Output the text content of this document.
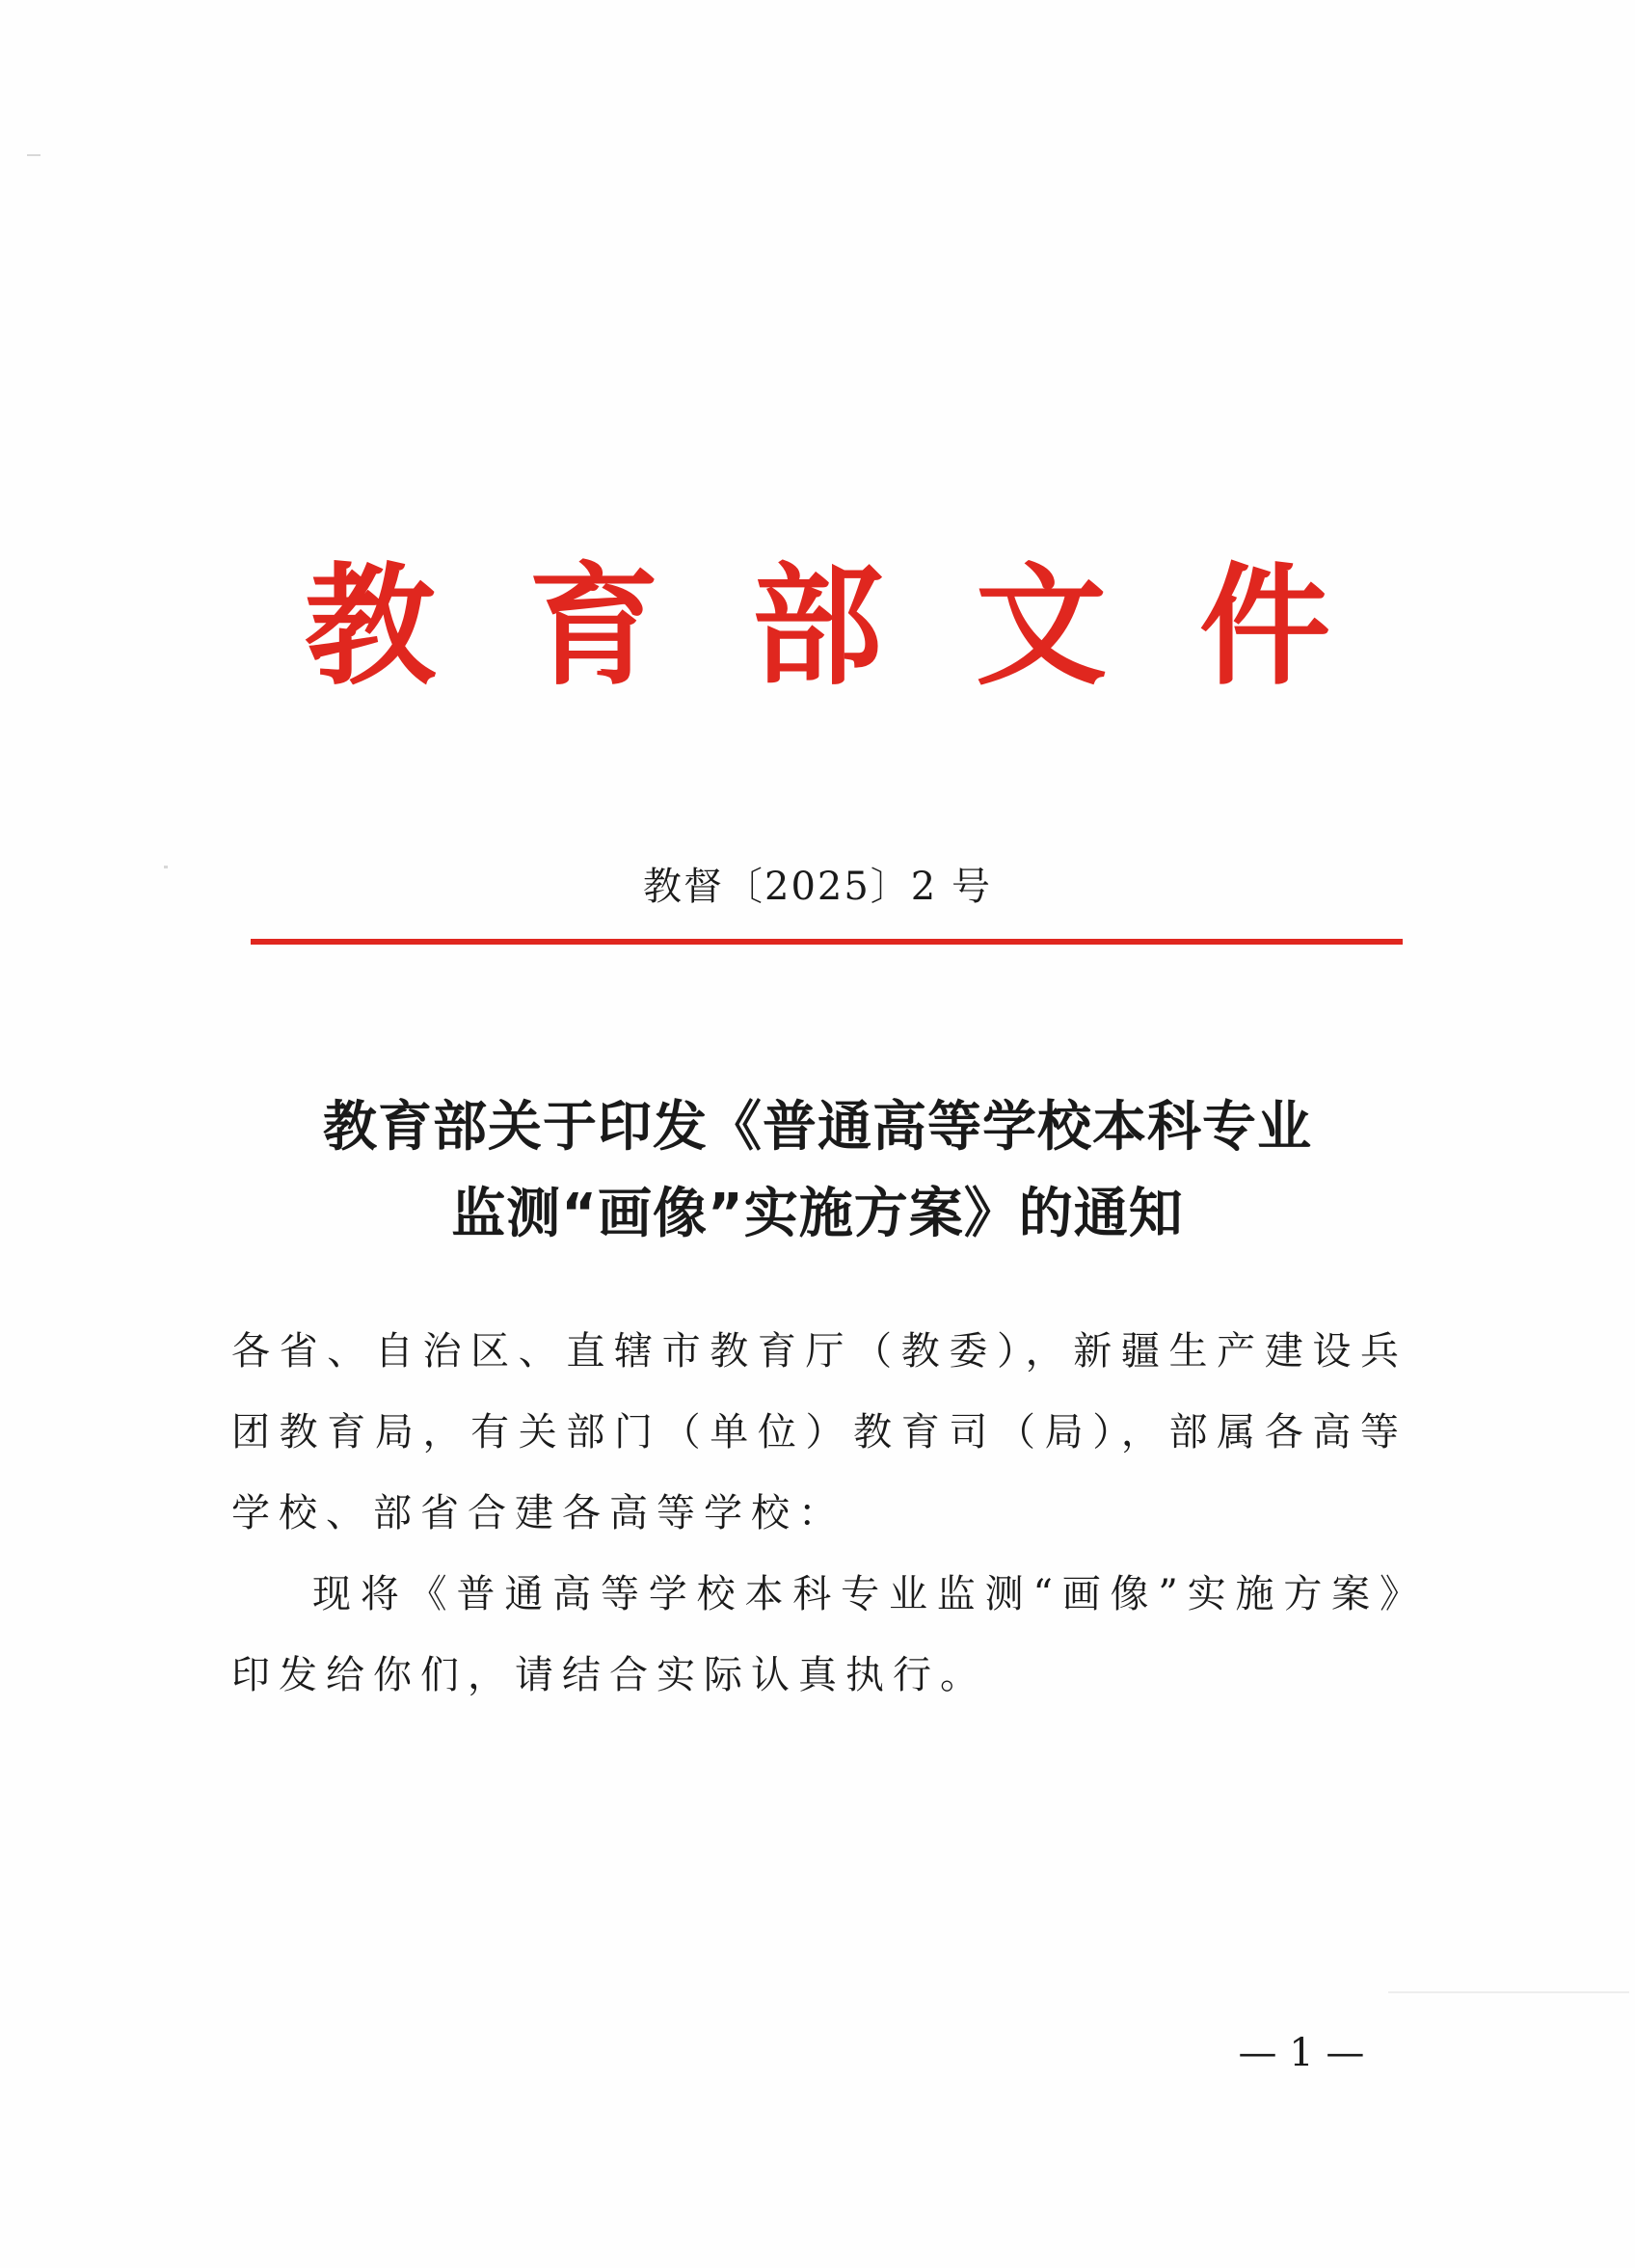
教育部文件
教督〔2025〕2 号
教育部关于印发《普通高等学校本科专业
监测“画像”实施方案》的通知

各省、自治区、直辖市教育厅（教委），新疆生产建设兵团教育局，有关部门（单位）教育司（局），部属各高等学校、部省合建各高等学校：

现将《普通高等学校本科专业监测“画像”实施方案》印发给你们，请结合实际认真执行。

— 1 —
